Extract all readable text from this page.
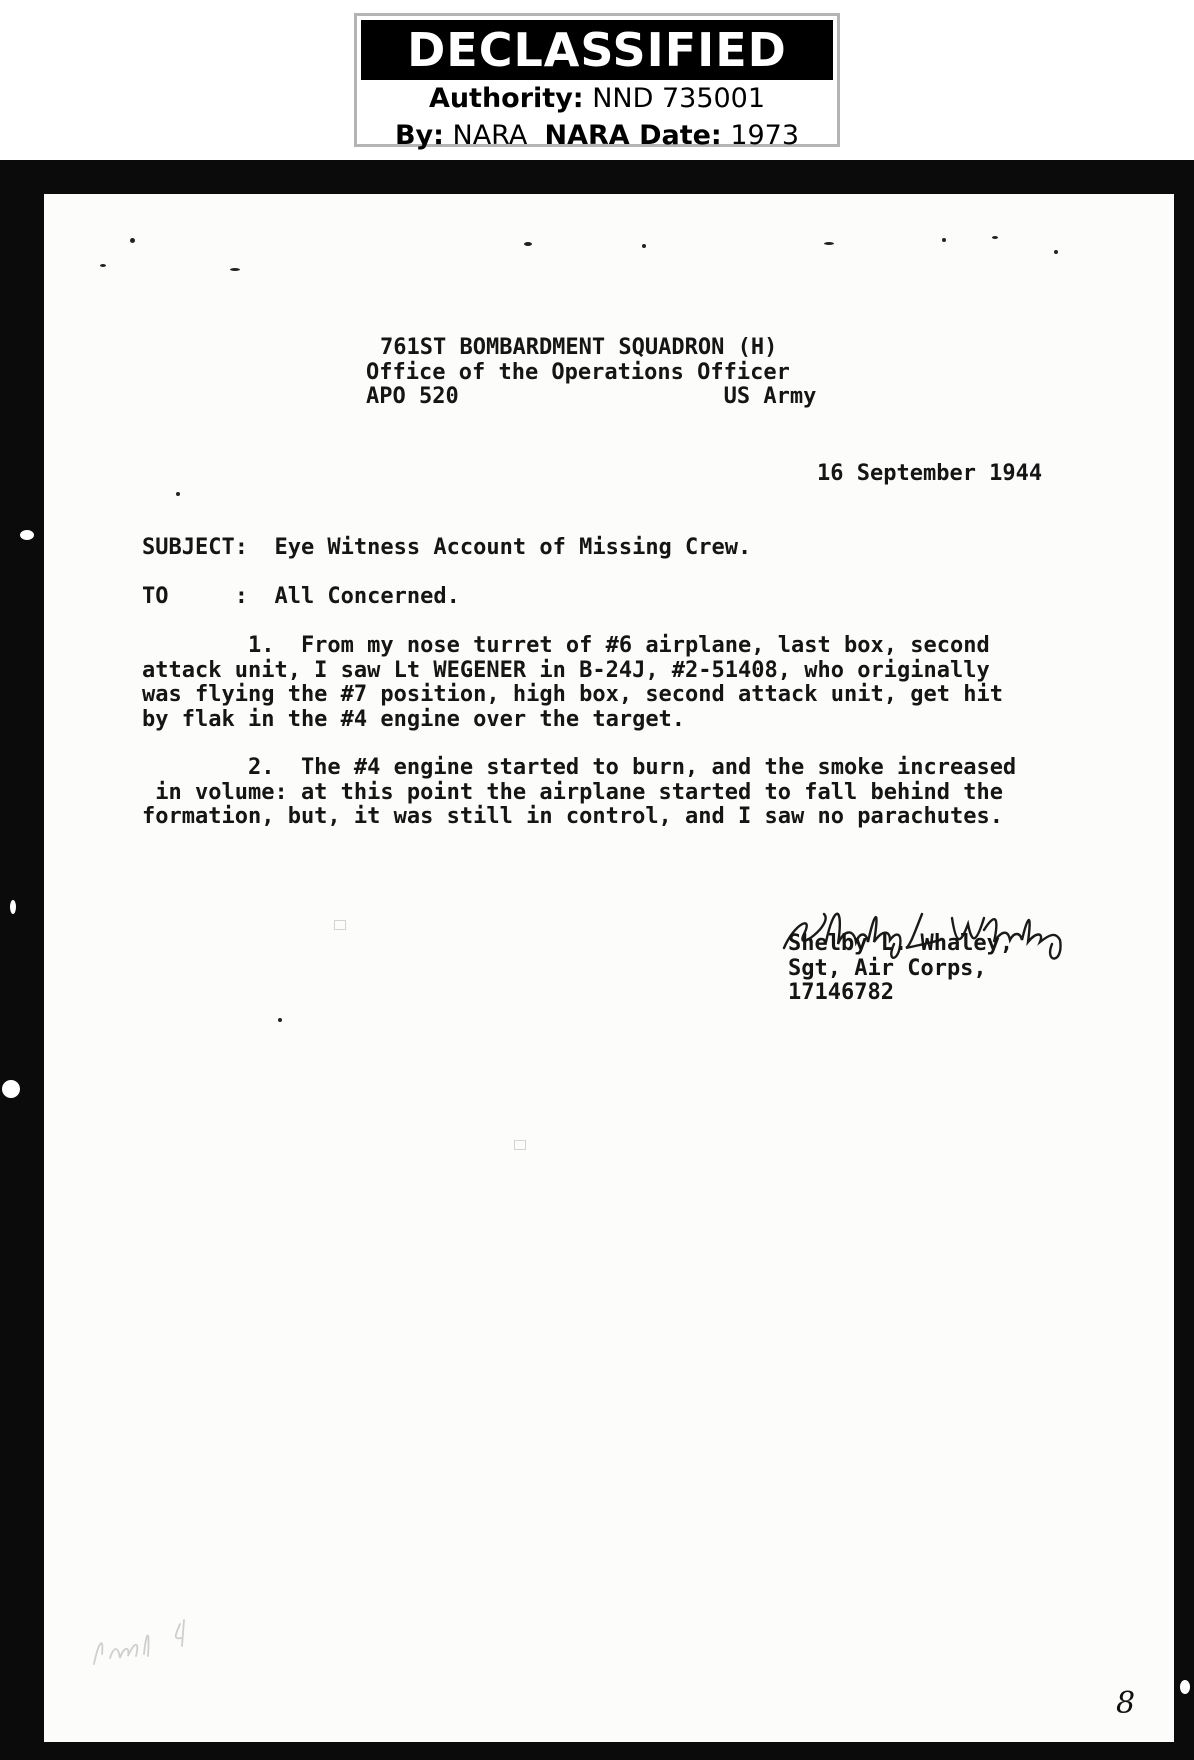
DECLASSIFIED
Authority: NND 735001
By: NARA NARA Date: 1973
761ST BOMBARDMENT SQUADRON (H)
Office of the Operations Officer
APO 520                    US Army
16 September 1944
SUBJECT:  Eye Witness Account of Missing Crew.
TO     :  All Concerned.
1.  From my nose turret of #6 airplane, last box, second
attack unit, I saw Lt WEGENER in B-24J, #2-51408, who originally
was flying the #7 position, high box, second attack unit, get hit
by flak in the #4 engine over the target.
2.  The #4 engine started to burn, and the smoke increased
in volume: at this point the airplane started to fall behind the
formation, but, it was still in control, and I saw no parachutes.
Shelby L. Whaley,
Sgt, Air Corps,
17146782
8
